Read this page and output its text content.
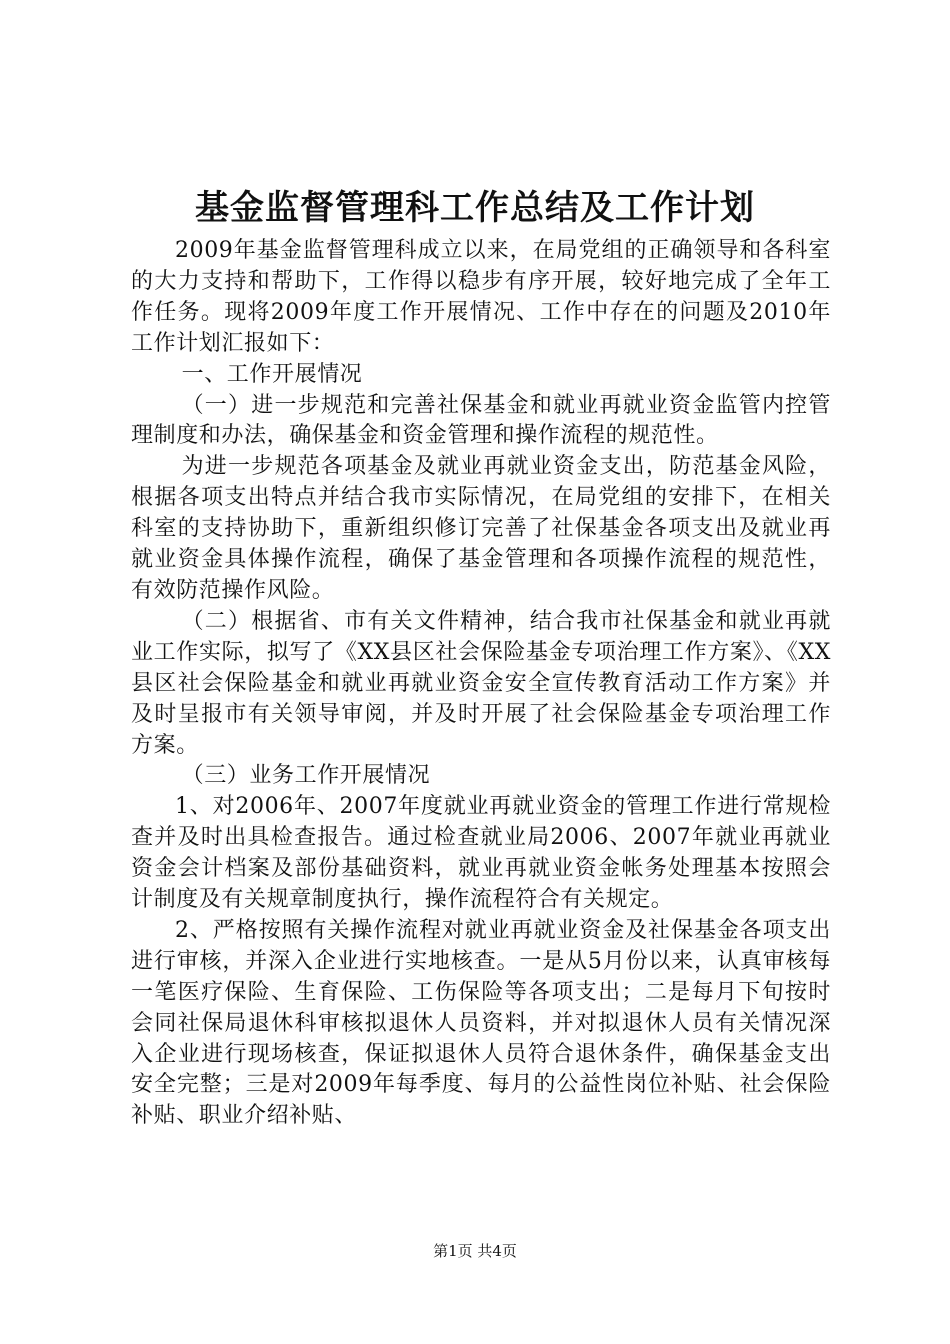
基金监督管理科工作总结及工作计划

2009年基金监督管理科成立以来，在局党组的正确领导和各科室的大力支持和帮助下，工作得以稳步有序开展，较好地完成了全年工作任务。现将2009年度工作开展情况、工作中存在的问题及2010年工作计划汇报如下：

一、工作开展情况

（一）进一步规范和完善社保基金和就业再就业资金监管内控管理制度和办法，确保基金和资金管理和操作流程的规范性。

为进一步规范各项基金及就业再就业资金支出，防范基金风险，根据各项支出特点并结合我市实际情况，在局党组的安排下，在相关科室的支持协助下，重新组织修订完善了社保基金各项支出及就业再就业资金具体操作流程，确保了基金管理和各项操作流程的规范性，有效防范操作风险。

（二）根据省、市有关文件精神，结合我市社保基金和就业再就业工作实际，拟写了《XX县区社会保险基金专项治理工作方案》、《XX县区社会保险基金和就业再就业资金安全宣传教育活动工作方案》并及时呈报市有关领导审阅，并及时开展了社会保险基金专项治理工作方案。

（三）业务工作开展情况

1、对2006年、2007年度就业再就业资金的管理工作进行常规检查并及时出具检查报告。通过检查就业局2006、2007年就业再就业资金会计档案及部份基础资料，就业再就业资金帐务处理基本按照会计制度及有关规章制度执行，操作流程符合有关规定。

2、严格按照有关操作流程对就业再就业资金及社保基金各项支出进行审核，并深入企业进行实地核查。一是从5月份以来，认真审核每一笔医疗保险、生育保险、工伤保险等各项支出；二是每月下旬按时会同社保局退休科审核拟退休人员资料，并对拟退休人员有关情况深入企业进行现场核查，保证拟退休人员符合退休条件，确保基金支出安全完整；三是对2009年每季度、每月的公益性岗位补贴、社会保险补贴、职业介绍补贴、

第1页 共4页
